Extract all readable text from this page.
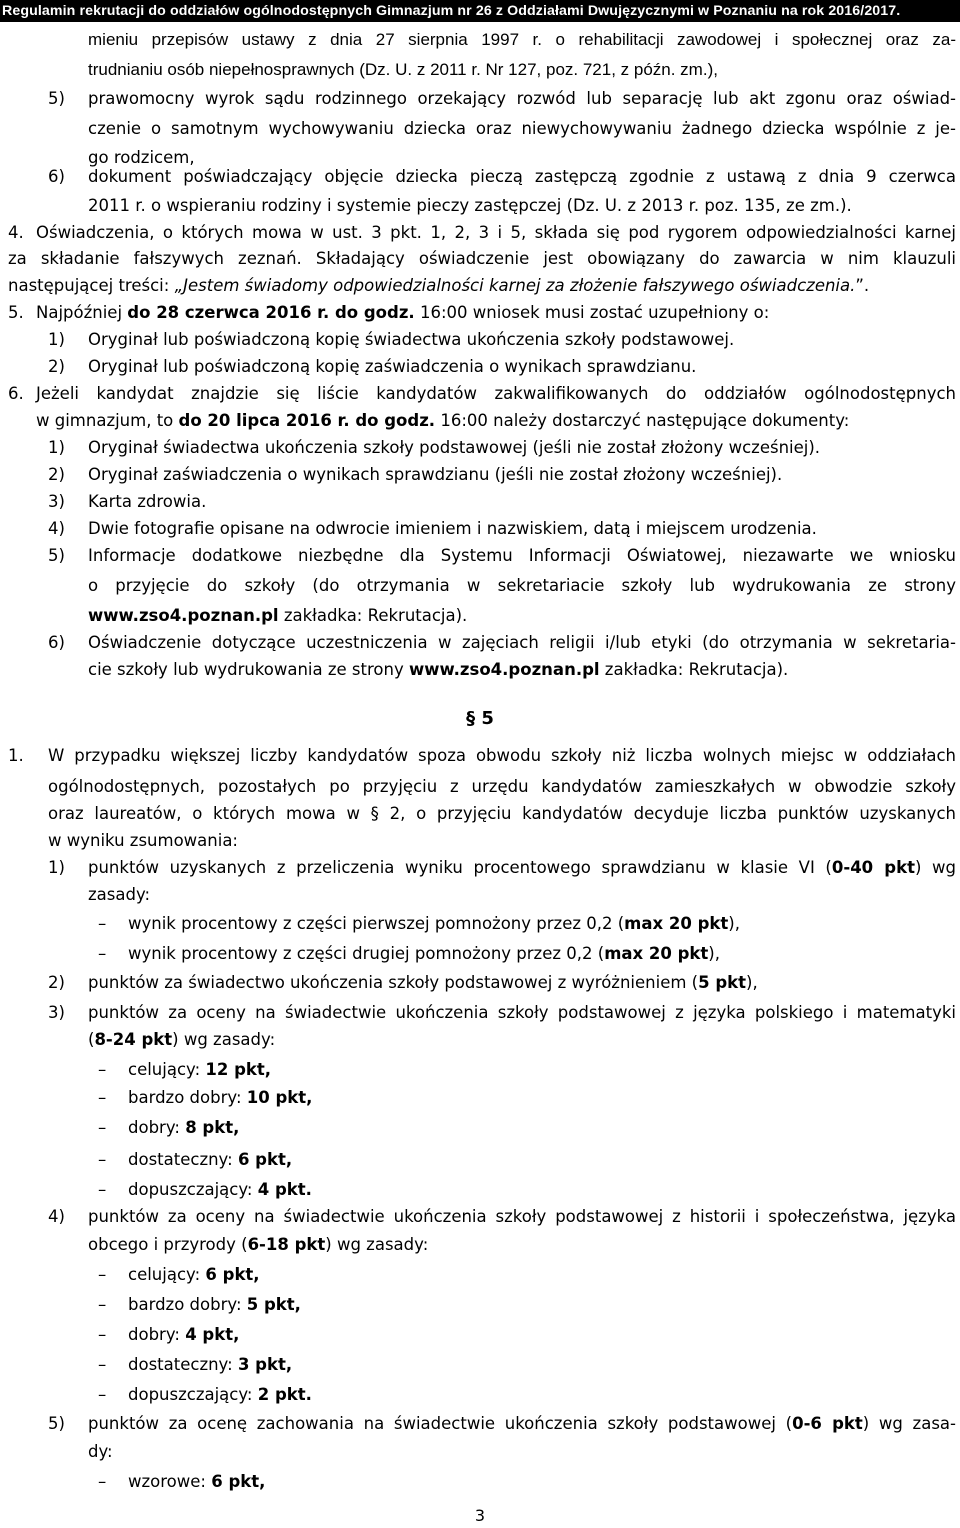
Regulamin rekrutacji do oddziałów ogólnodostępnych Gimnazjum nr 26 z Oddziałami Dwujęzycznymi w Poznaniu na rok 2016/2017.
mieniu przepisów ustawy z dnia 27 sierpnia 1997 r. o rehabilitacji zawodowej i społecznej oraz za-
trudnianiu osób niepełnosprawnych (Dz. U. z 2011 r. Nr 127, poz. 721, z późn. zm.),
5) prawomocny wyrok sądu rodzinnego orzekający rozwód lub separację lub akt zgonu oraz oświad-
czenie o samotnym wychowywaniu dziecka oraz niewychowywaniu żadnego dziecka wspólnie z je-
go rodzicem,
6) dokument poświadczający objęcie dziecka pieczą zastępczą zgodnie z ustawą z dnia 9 czerwca
2011 r. o wspieraniu rodziny i systemie pieczy zastępczej (Dz. U. z 2013 r. poz. 135, ze zm.).
4. Oświadczenia, o których mowa w ust. 3 pkt. 1, 2, 3 i 5, składa się pod rygorem odpowiedzialności karnej
za składanie fałszywych zeznań. Składający oświadczenie jest obowiązany do zawarcia w nim klauzuli
następującej treści: „Jestem świadomy odpowiedzialności karnej za złożenie fałszywego oświadczenia.”.
5. Najpóźniej do 28 czerwca 2016 r. do godz. 16:00 wniosek musi zostać uzupełniony o:
1) Oryginał lub poświadczoną kopię świadectwa ukończenia szkoły podstawowej.
2) Oryginał lub poświadczoną kopię zaświadczenia o wynikach sprawdzianu.
6. Jeżeli kandydat znajdzie się liście kandydatów zakwalifikowanych do oddziałów ogólnodostępnych
w gimnazjum, to do 20 lipca 2016 r. do godz. 16:00 należy dostarczyć następujące dokumenty:
1) Oryginał świadectwa ukończenia szkoły podstawowej (jeśli nie został złożony wcześniej).
2) Oryginał zaświadczenia o wynikach sprawdzianu (jeśli nie został złożony wcześniej).
3) Karta zdrowia.
4) Dwie fotografie opisane na odwrocie imieniem i nazwiskiem, datą i miejscem urodzenia.
5) Informacje dodatkowe niezbędne dla Systemu Informacji Oświatowej, niezawarte we wniosku
o przyjęcie do szkoły (do otrzymania w sekretariacie szkoły lub wydrukowania ze strony
www.zso4.poznan.pl zakładka: Rekrutacja).
6) Oświadczenie dotyczące uczestniczenia w zajęciach religii i/lub etyki (do otrzymania w sekretaria-
cie szkoły lub wydrukowania ze strony www.zso4.poznan.pl zakładka: Rekrutacja).
§ 5
1. W przypadku większej liczby kandydatów spoza obwodu szkoły niż liczba wolnych miejsc w oddziałach
ogólnodostępnych, pozostałych po przyjęciu z urzędu kandydatów zamieszkałych w obwodzie szkoły
oraz laureatów, o których mowa w § 2, o przyjęciu kandydatów decyduje liczba punktów uzyskanych
w wyniku zsumowania:
1) punktów uzyskanych z przeliczenia wyniku procentowego sprawdzianu w klasie VI (0-40 pkt) wg
zasady:
– wynik procentowy z części pierwszej pomnożony przez 0,2 (max 20 pkt),
– wynik procentowy z części drugiej pomnożony przez 0,2 (max 20 pkt),
2) punktów za świadectwo ukończenia szkoły podstawowej z wyróżnieniem (5 pkt),
3) punktów za oceny na świadectwie ukończenia szkoły podstawowej z języka polskiego i matematyki
(8-24 pkt) wg zasady:
– celujący: 12 pkt,
– bardzo dobry: 10 pkt,
– dobry: 8 pkt,
– dostateczny: 6 pkt,
– dopuszczający: 4 pkt.
4) punktów za oceny na świadectwie ukończenia szkoły podstawowej z historii i społeczeństwa, języka
obcego i przyrody (6-18 pkt) wg zasady:
– celujący: 6 pkt,
– bardzo dobry: 5 pkt,
– dobry: 4 pkt,
– dostateczny: 3 pkt,
– dopuszczający: 2 pkt.
5) punktów za ocenę zachowania na świadectwie ukończenia szkoły podstawowej (0-6 pkt) wg zasa-
dy:
– wzorowe: 6 pkt,
3
